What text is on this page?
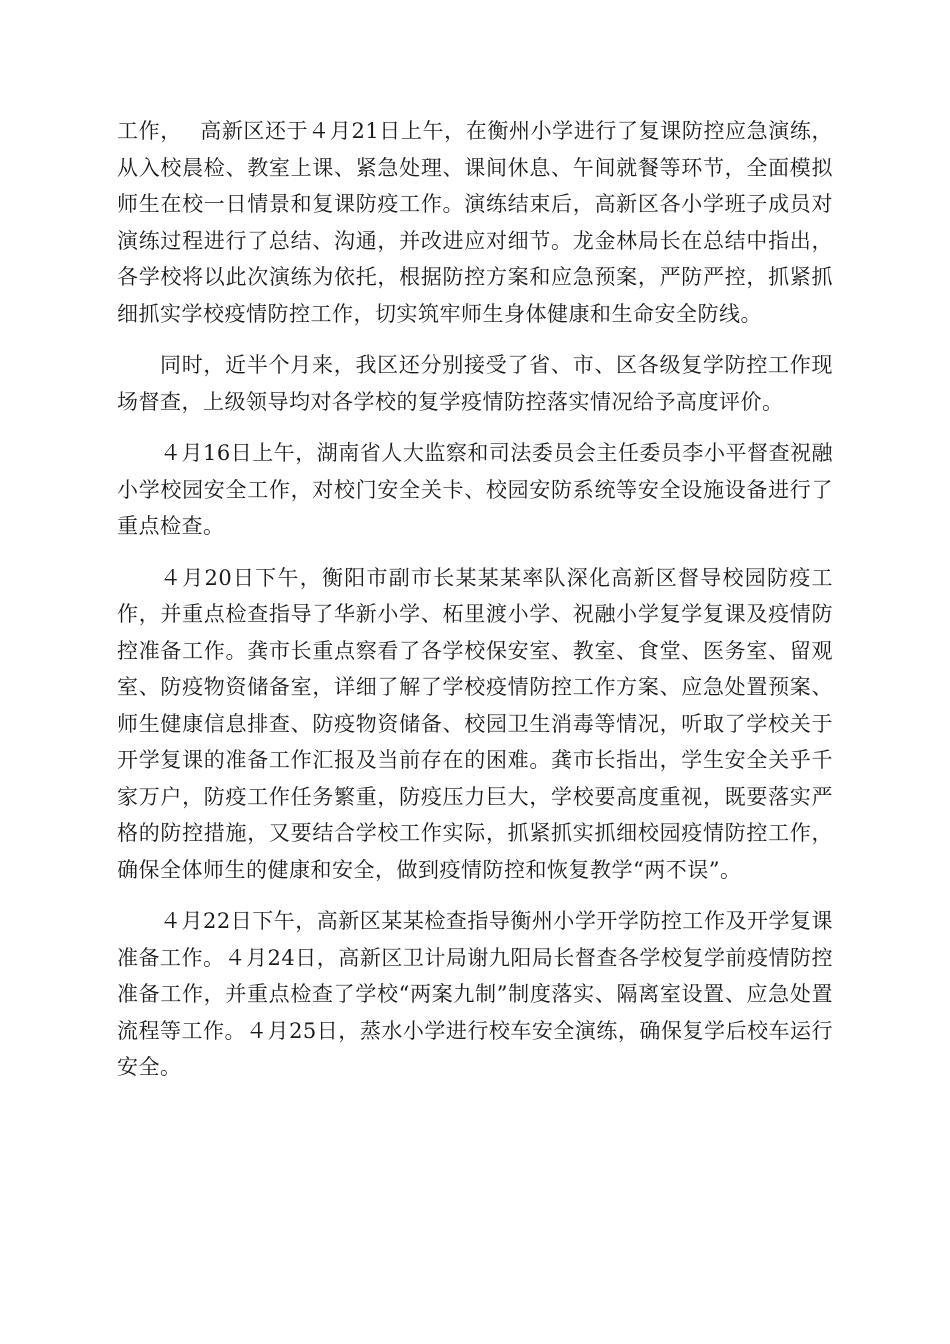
工作，　 高新区还于４月21日上午，在衡州小学进行了复课防控应急演练，从入校晨检、教室上课、紧急处理、课间休息、午间就餐等环节，全面模拟师生在校一日情景和复课防疫工作。演练结束后，高新区各小学班子成员对演练过程进行了总结、沟通，并改进应对细节。龙金林局长在总结中指出，各学校将以此次演练为依托，根据防控方案和应急预案，严防严控，抓紧抓细抓实学校疫情防控工作，切实筑牢师生身体健康和生命安全防线。

同时，近半个月来，我区还分别接受了省、市、区各级复学防控工作现场督查，上级领导均对各学校的复学疫情防控落实情况给予高度评价。

４月16日上午，湖南省人大监察和司法委员会主任委员李小平督查祝融小学校园安全工作，对校门安全关卡、校园安防系统等安全设施设备进行了重点检查。

４月20日下午，衡阳市副市长某某某率队深化高新区督导校园防疫工作，并重点检查指导了华新小学、柘里渡小学、祝融小学复学复课及疫情防控准备工作。龚市长重点察看了各学校保安室、教室、食堂、医务室、留观室、防疫物资储备室，详细了解了学校疫情防控工作方案、应急处置预案、师生健康信息排查、防疫物资储备、校园卫生消毒等情况，听取了学校关于开学复课的准备工作汇报及当前存在的困难。龚市长指出，学生安全关乎千家万户，防疫工作任务繁重，防疫压力巨大，学校要高度重视，既要落实严格的防控措施，又要结合学校工作实际，抓紧抓实抓细校园疫情防控工作，确保全体师生的健康和安全，做到疫情防控和恢复教学“两不误”。

４月22日下午，高新区某某检查指导衡州小学开学防控工作及开学复课准备工作。４月24日，高新区卫计局谢九阳局长督查各学校复学前疫情防控准备工作，并重点检查了学校“两案九制”制度落实、隔离室设置、应急处置流程等工作。４月25日，蒸水小学进行校车安全演练，确保复学后校车运行安全。
